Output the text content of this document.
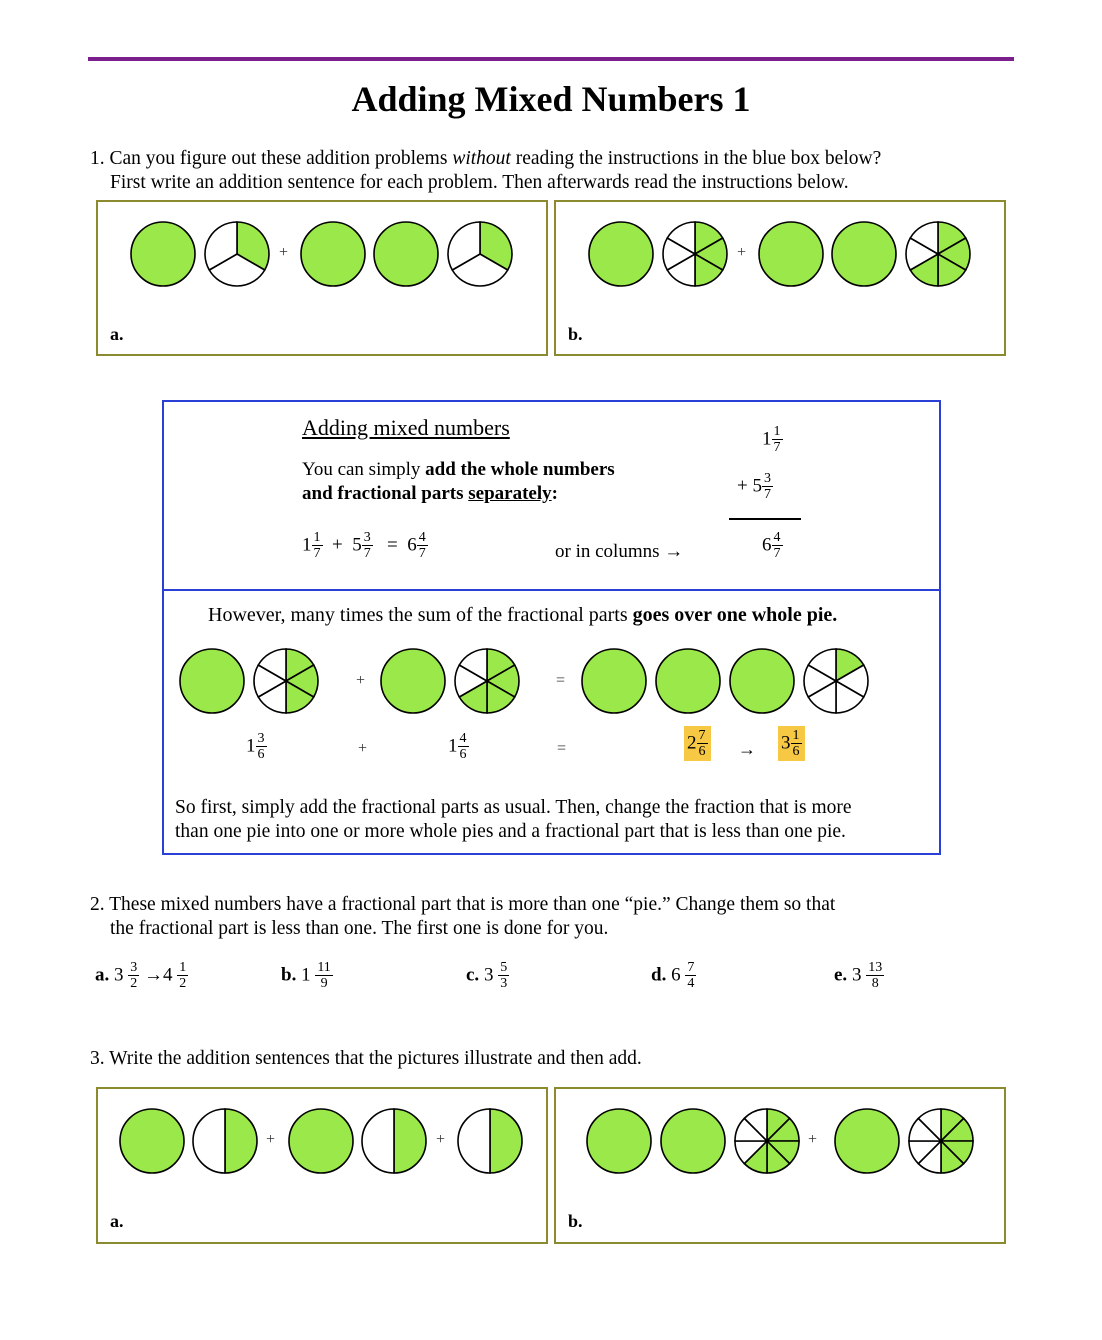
Adding Mixed Numbers 1
1. Can you figure out these addition problems without reading the instructions in the blue box below?
First write an addition sentence for each problem. Then afterwards read the instructions below.
a.	b.
+	+
Adding mixed numbers
You can simply add the whole numbers
and fractional parts separately:
$1 \frac{1}{7} + 5 \frac{3}{7} = 6 \frac{4}{7}$	or in columns →
$1 \frac{1}{7}$
+ $5 \frac{3}{7}$
$6 \frac{4}{7}$
However, many times the sum of the fractional parts goes over one whole pie.
+	=
$1 \frac{3}{6}$	+	$1 \frac{4}{6}$	=	$2 \frac{7}{6} \to 3 \frac{1}{6}$
So first, simply add the fractional parts as usual. Then, change the fraction that is more
than one pie into one or more whole pies and a fractional part that is less than one pie.
2. These mixed numbers have a fractional part that is more than one “pie.” Change them so that
the fractional part is less than one. The first one is done for you.
a. $3 \frac{3}{2} \to 4 \frac{1}{2}$	b. $1 \frac{11}{9}$	c. $3 \frac{5}{3}$	d. $6 \frac{7}{4}$	e. $3 \frac{13}{8}$
3. Write the addition sentences that the pictures illustrate and then add.
a.	b.
+	+	+
